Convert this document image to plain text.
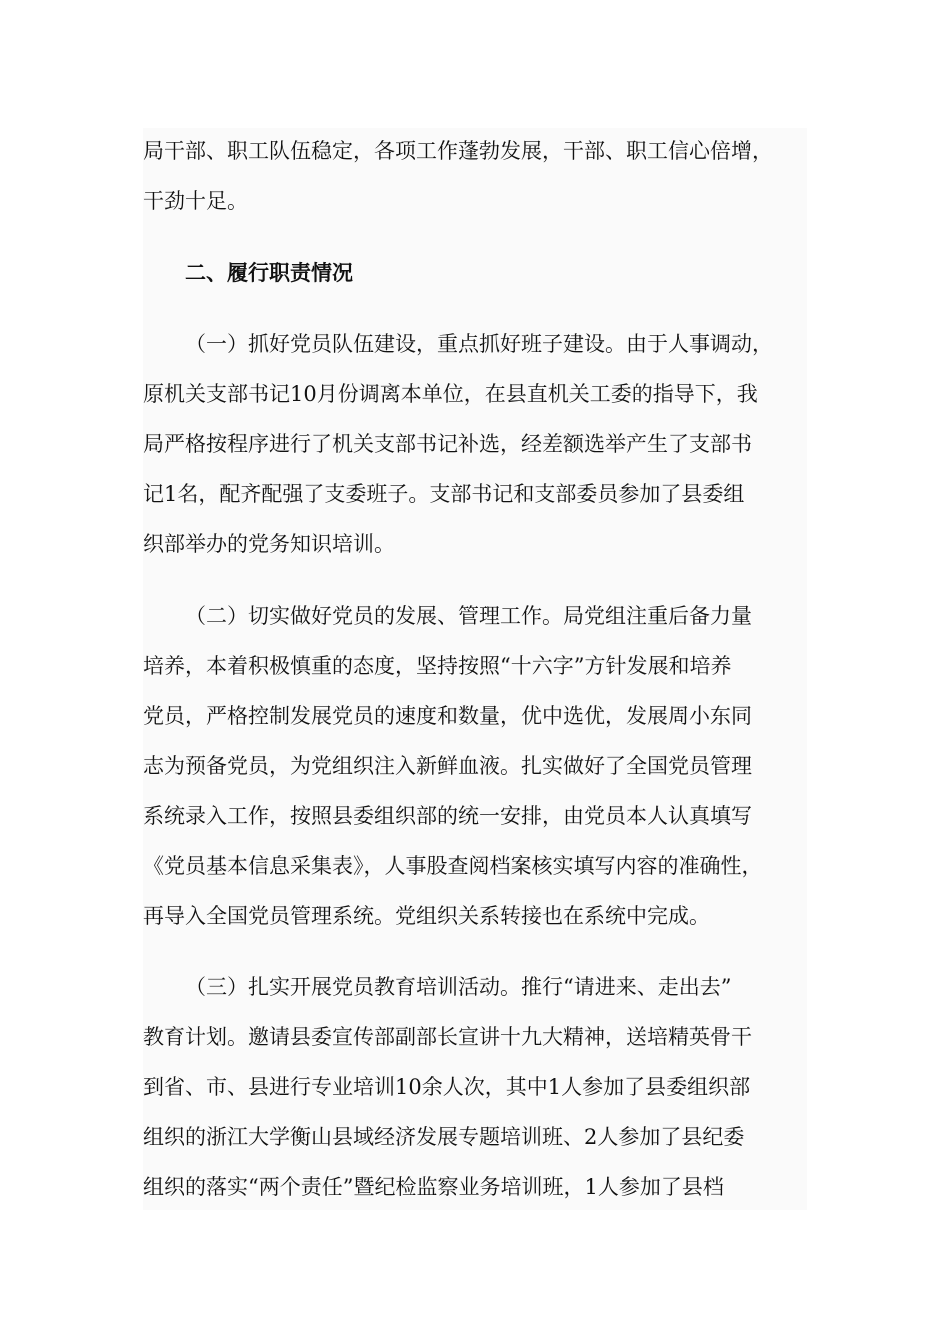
局干部、职工队伍稳定，各项工作蓬勃发展，干部、职工信心倍增，
干劲十足。
二、履行职责情况
（一）抓好党员队伍建设，重点抓好班子建设。由于人事调动，
原机关支部书记10月份调离本单位，在县直机关工委的指导下，我
局严格按程序进行了机关支部书记补选，经差额选举产生了支部书
记1名，配齐配强了支委班子。支部书记和支部委员参加了县委组
织部举办的党务知识培训。
（二）切实做好党员的发展、管理工作。局党组注重后备力量
培养，本着积极慎重的态度，坚持按照“十六字”方针发展和培养
党员，严格控制发展党员的速度和数量，优中选优，发展周小东同
志为预备党员，为党组织注入新鲜血液。扎实做好了全国党员管理
系统录入工作，按照县委组织部的统一安排，由党员本人认真填写
《党员基本信息采集表》，人事股查阅档案核实填写内容的准确性，
再导入全国党员管理系统。党组织关系转接也在系统中完成。
（三）扎实开展党员教育培训活动。推行“请进来、走出去”
教育计划。邀请县委宣传部副部长宣讲十九大精神，送培精英骨干
到省、市、县进行专业培训10余人次，其中1人参加了县委组织部
组织的浙江大学衡山县域经济发展专题培训班、2人参加了县纪委
组织的落实“两个责任”暨纪检监察业务培训班，1人参加了县档
